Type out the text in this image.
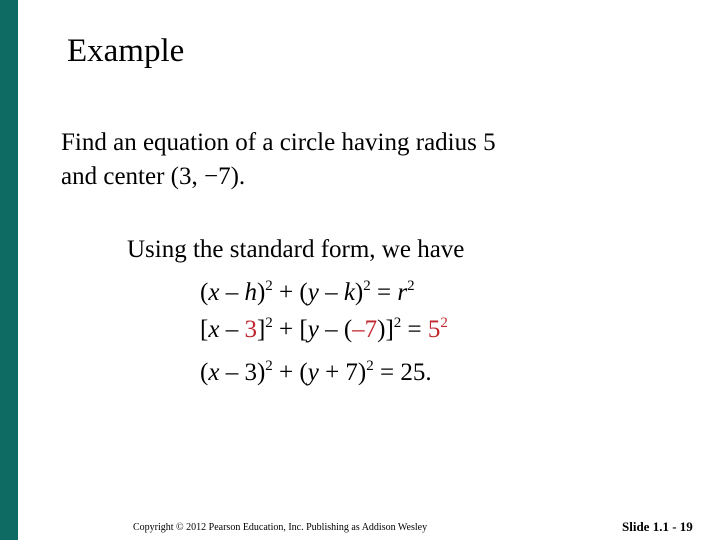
Example
Find an equation of a circle having radius 5
and center (3, −7).
Using the standard form, we have
$(x - h)^2 + (y - k)^2 = r^2$
$[x - 3]^2 + [y - (-7)]^2 = 5^2$
$(x - 3)^2 + (y + 7)^2 = 25$.
Copyright © 2012 Pearson Education, Inc. Publishing as Addison Wesley	Slide 1.1 - 19
